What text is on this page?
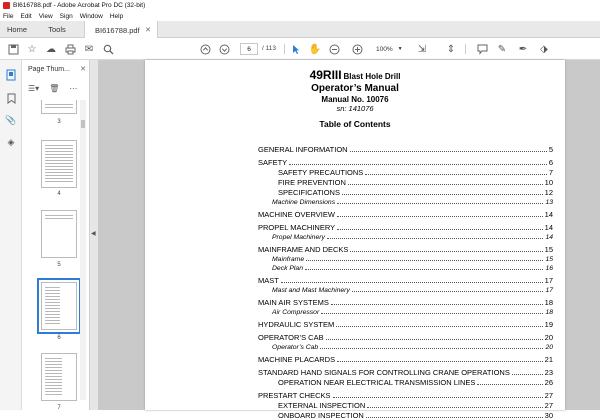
BI616788.pdf - Adobe Acrobat Pro DC (32-bit)
File Edit View Sign Window Help
Home	Tools	BI616788.pdf ✕
☆ ☁	✉	6	/ 113	✋	100% ▼ ⇲ ⇕	✎ ✒ ⬗
📎
◈
Page Thum... ✕
☰▾ 🗑 ⋯
3
4
5
6
7
◀
49RIII Blast Hole Drill
Operator’s Manual
Manual No. 10076
sn: 141076
Table of Contents
GENERAL INFORMATION	5
SAFETY	6
SAFETY PRECAUTIONS	7
FIRE PREVENTION	10
SPECIFICATIONS	12
Machine Dimensions	13
MACHINE OVERVIEW	14
PROPEL MACHINERY	14
Propel Machinery	14
MAINFRAME AND DECKS	15
Mainframe	15
Deck Plan	16
MAST	17
Mast and Mast Machinery	17
MAIN AIR SYSTEMS	18
Air Compressor	18
HYDRAULIC SYSTEM	19
OPERATOR’S CAB	20
Operator’s Cab	20
MACHINE PLACARDS	21
STANDARD HAND SIGNALS FOR CONTROLLING CRANE OPERATIONS	23
OPERATION NEAR ELECTRICAL TRANSMISSION LINES	26
PRESTART CHECKS	27
EXTERNAL INSPECTION	27
ONBOARD INSPECTION	30
